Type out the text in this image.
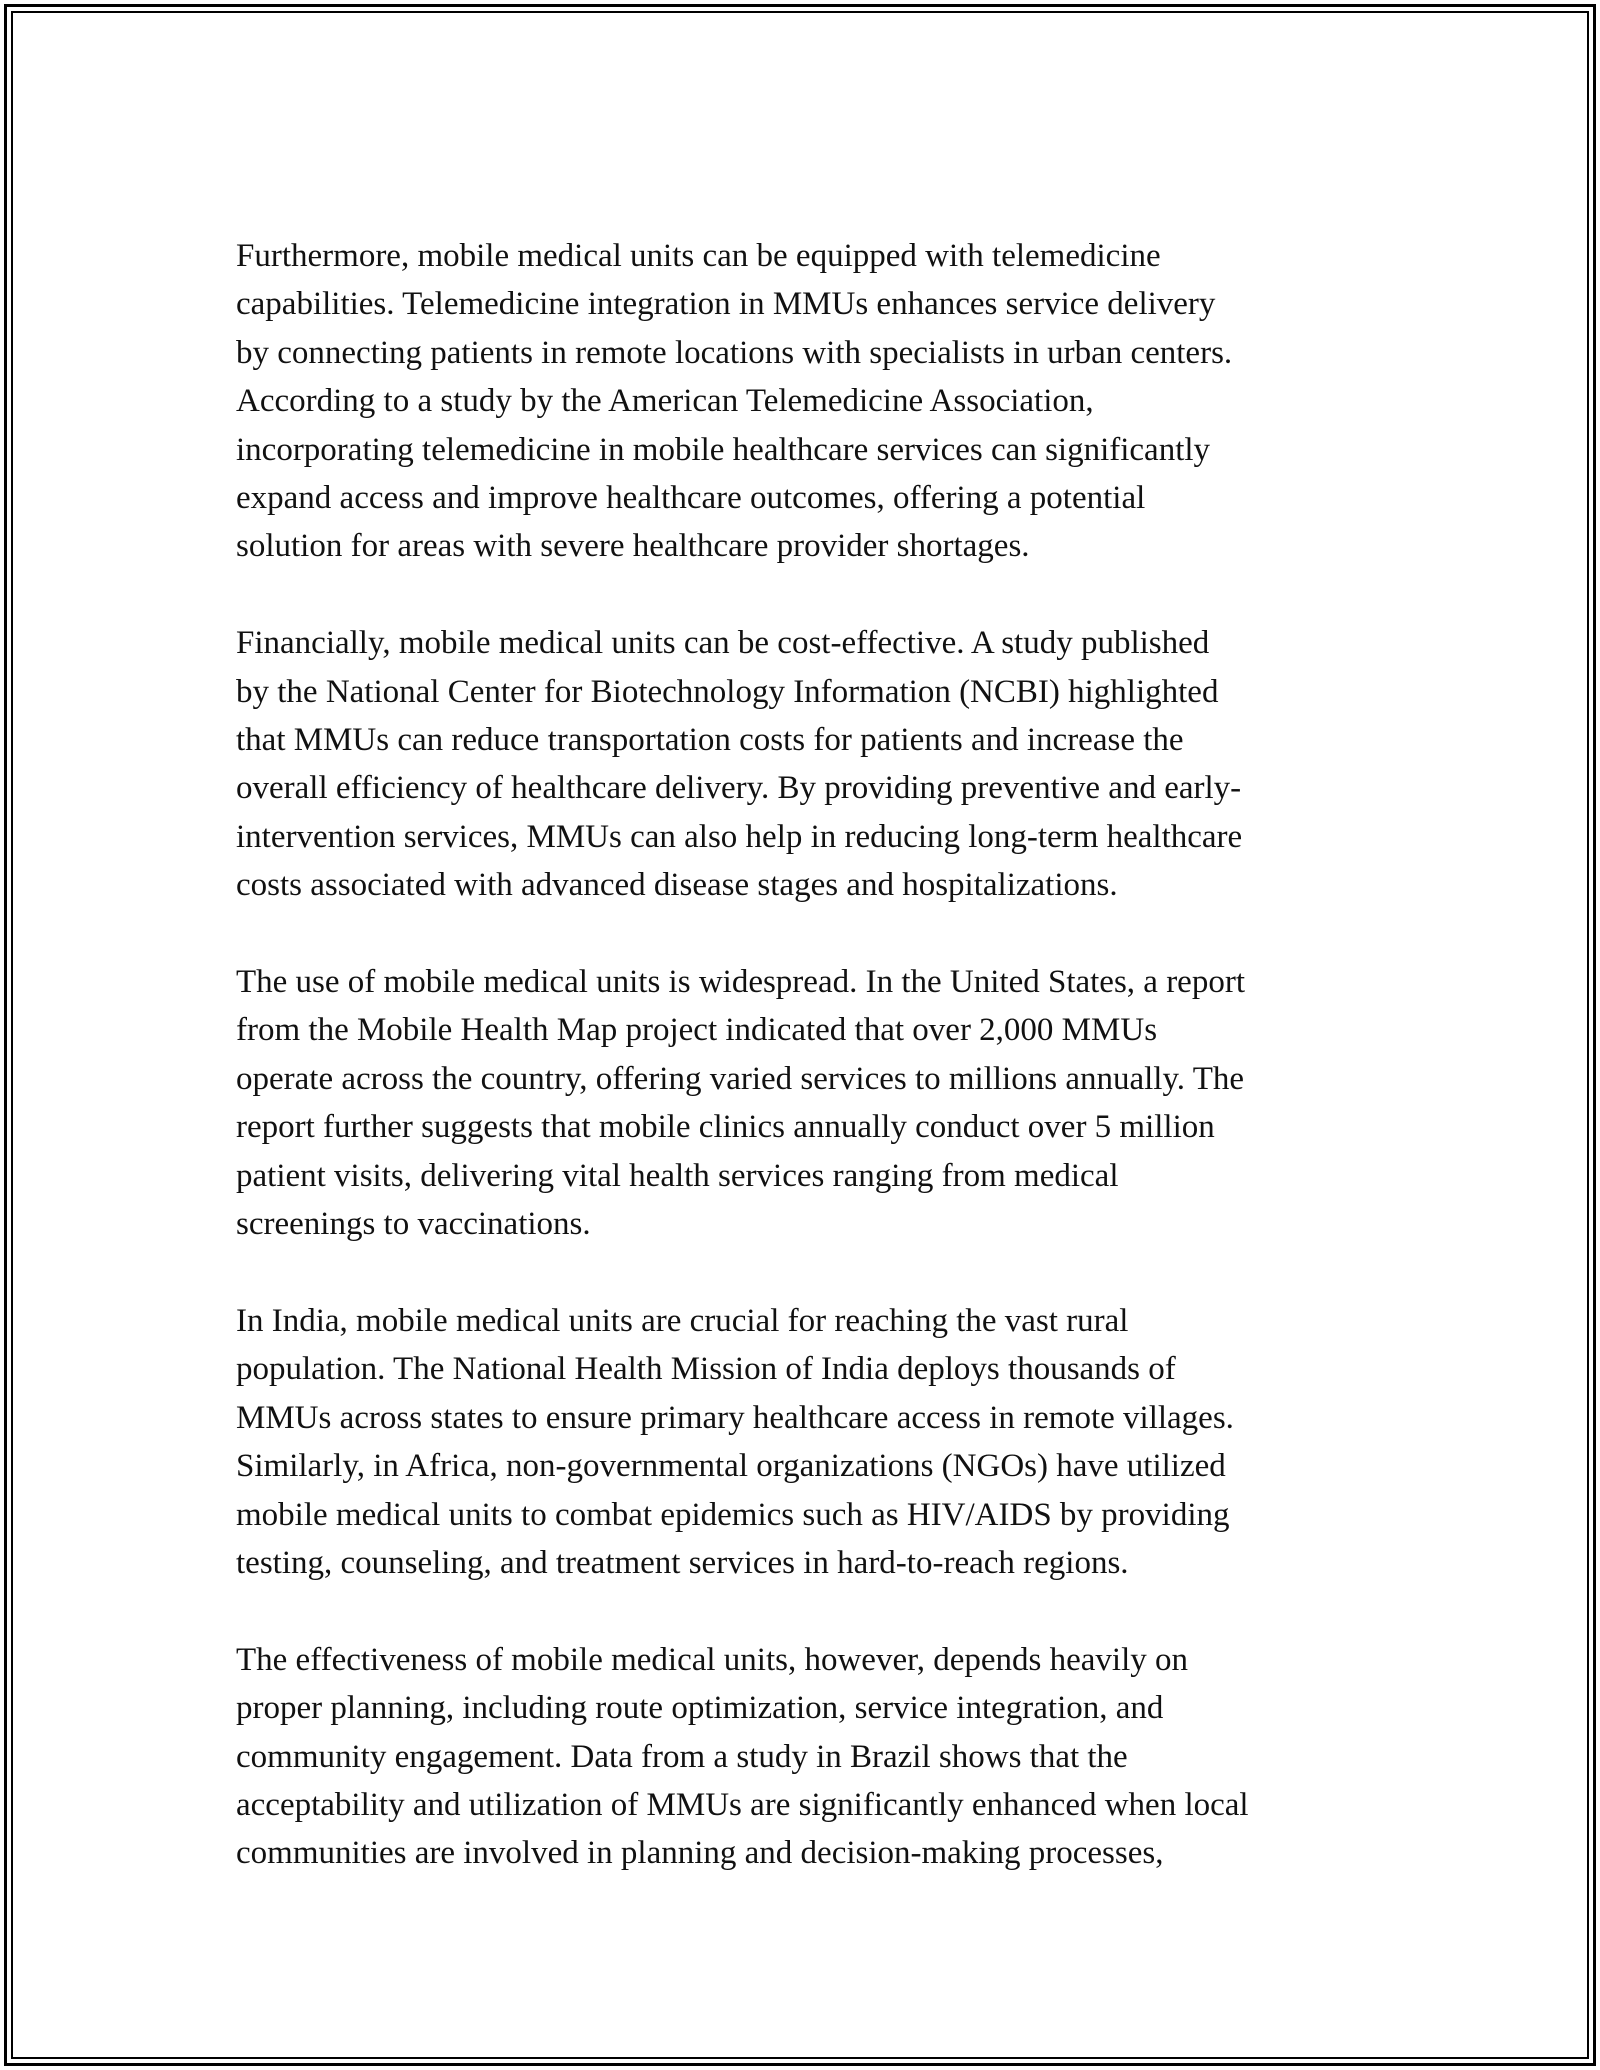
Furthermore, mobile medical units can be equipped with telemedicine
capabilities. Telemedicine integration in MMUs enhances service delivery
by connecting patients in remote locations with specialists in urban centers.
According to a study by the American Telemedicine Association,
incorporating telemedicine in mobile healthcare services can significantly
expand access and improve healthcare outcomes, offering a potential
solution for areas with severe healthcare provider shortages.

Financially, mobile medical units can be cost-effective. A study published
by the National Center for Biotechnology Information (NCBI) highlighted
that MMUs can reduce transportation costs for patients and increase the
overall efficiency of healthcare delivery. By providing preventive and early-
intervention services, MMUs can also help in reducing long-term healthcare
costs associated with advanced disease stages and hospitalizations.

The use of mobile medical units is widespread. In the United States, a report
from the Mobile Health Map project indicated that over 2,000 MMUs
operate across the country, offering varied services to millions annually. The
report further suggests that mobile clinics annually conduct over 5 million
patient visits, delivering vital health services ranging from medical
screenings to vaccinations.

In India, mobile medical units are crucial for reaching the vast rural
population. The National Health Mission of India deploys thousands of
MMUs across states to ensure primary healthcare access in remote villages.
Similarly, in Africa, non-governmental organizations (NGOs) have utilized
mobile medical units to combat epidemics such as HIV/AIDS by providing
testing, counseling, and treatment services in hard-to-reach regions.

The effectiveness of mobile medical units, however, depends heavily on
proper planning, including route optimization, service integration, and
community engagement. Data from a study in Brazil shows that the
acceptability and utilization of MMUs are significantly enhanced when local
communities are involved in planning and decision-making processes,
